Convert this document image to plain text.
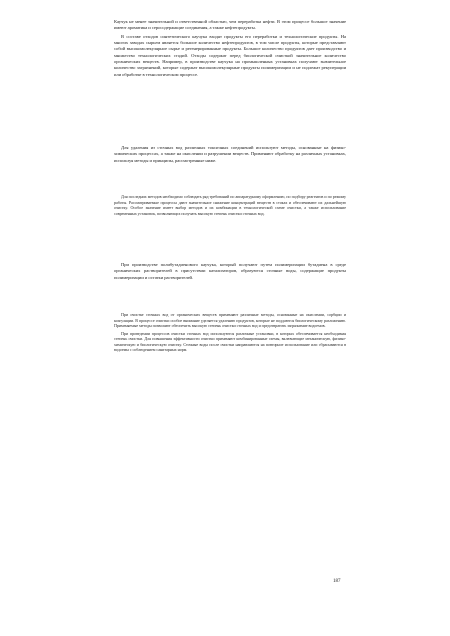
Каучук не менее значительной и ответственной областью, чем переработка нефти. В этом процессе большое значение имеют ароматика и серосодержащие соединения, а также нефтепродукты.

В составе отходов синтетического каучука входят продукты его переработки и технологические продукты. На многих заводах сырьем является большое количество нефтепродуктов, в том числе продукты, которые представляют собой высокомолекулярное сырье и регенерированные продукты. Большое количество продуктов дает производство и множество технологических стадий. Отходы содержат перед биологической очисткой значительное количество органических веществ. Например, в производстве каучука на промышленных установках получают значительное количество загрязнений, которые содержат высокомолекулярные продукты полимеризации и не подлежат рекуперации или обработке в технологическом процессе.

Для удаления из сточных вод различных токсичных соединений используют методы, основанные на физико-химических процессах, а также на окислении и разрушении веществ. Применяют обработку на различных установках, используя методы и принципы, рассмотренные ниже.

Для последних методов необходимо соблюдать ряд требований по аппаратурному оформлению, по подбору реагентов и по режиму работы. Рассматриваемые процессы дают значительное снижение концентраций веществ в стоках и обеспечивают их дальнейшую очистку. Особое значение имеет выбор методов и их комбинации в технологической схеме очистки, а также использование современных установок, позволяющих получать высокую степень очистки сточных вод.

При производстве полибутадиенового каучука, который получают путем полимеризации бутадиена в среде органических растворителей в присутствии катализаторов, образуются сточные воды, содержащие продукты полимеризации и остатки растворителей.

При очистке сточных вод от органических веществ применяют различные методы, основанные на окислении, сорбции и коагуляции. В процессе очистки особое внимание уделяется удалению продуктов, которые не поддаются биологическому разложению. Применяемые методы позволяют обеспечить высокую степень очистки сточных вод и предотвратить загрязнение водоемов.

При проведении процессов очистки сточных вод используются различные установки, в которых обеспечивается необходимая степень очистки. Для повышения эффективности очистки применяют комбинированные схемы, включающие механическую, физико-химическую и биологическую очистку. Сточные воды после очистки направляются на повторное использование или сбрасываются в водоемы с соблюдением санитарных норм.

187
